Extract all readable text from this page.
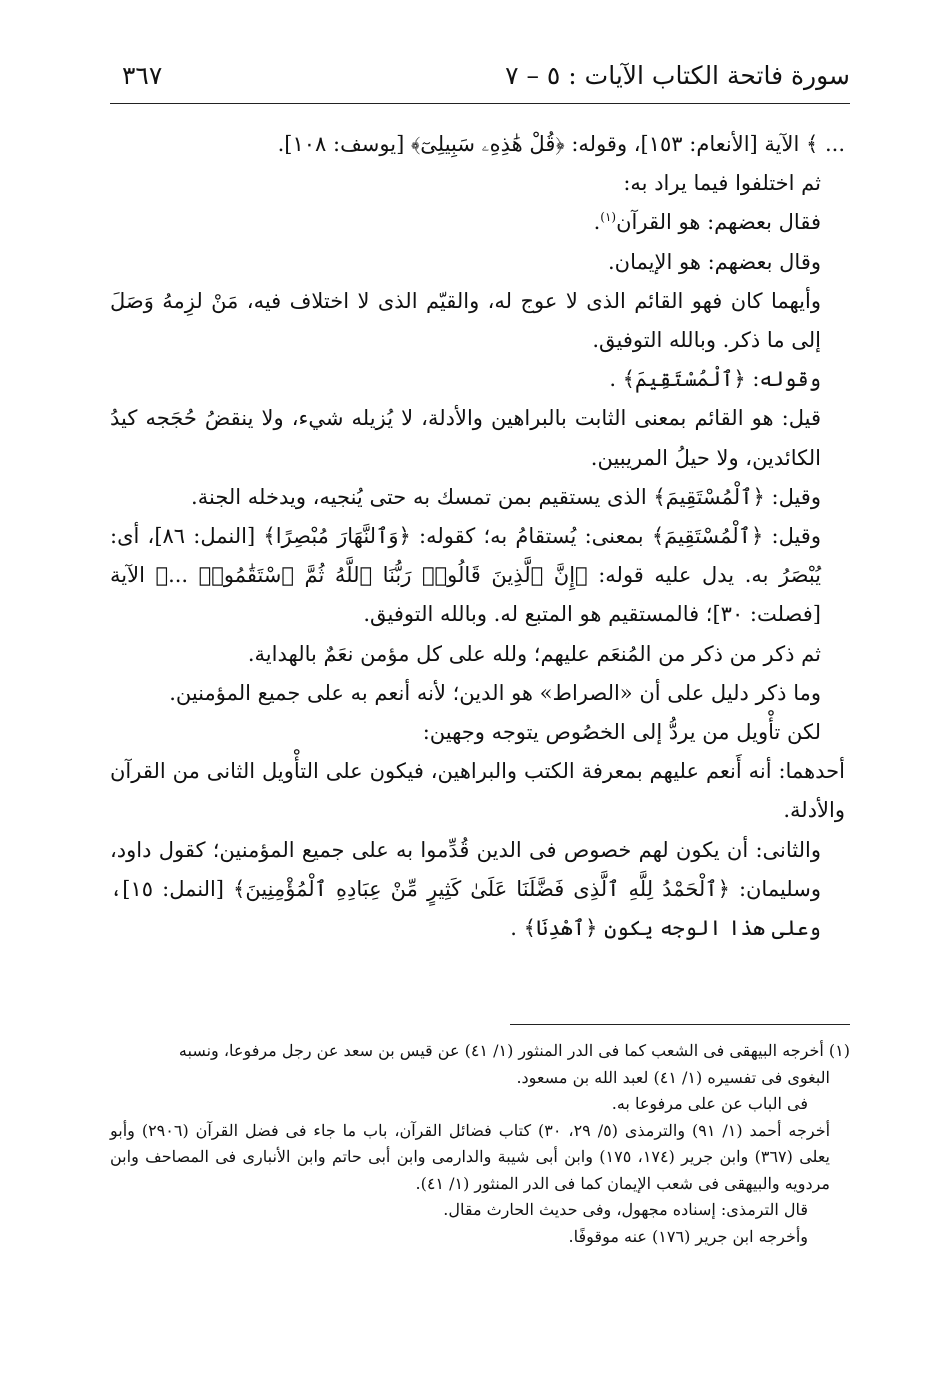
٣٦٧	سورة فاتحة الكتاب الآيات : ٥ – ٧

... ﴾ الآية [الأنعام: ١٥٣]، وقوله: ﴿قُلْ هَٰذِهِۦ سَبِيلِىٓ﴾ [يوسف: ١٠٨].

ثم اختلفوا فيما يراد به:

فقال بعضهم: هو القرآن$^{(١)}$.

وقال بعضهم: هو الإيمان.

وأيهما كان فهو القائم الذى لا عوج له، والقيّم الذى لا اختلاف فيه، مَنْ لزِمهُ وَصَلَ إلى ما ذكر. وبالله التوفيق.

وقوله: ﴿ٱلْمُسْتَقِيمَ﴾ .

قيل: هو القائم بمعنى الثابت بالبراهين والأدلة، لا يُزيله شيء، ولا ينقضُ حُجَجه كيدُ الكائدين، ولا حيلُ المريبين.

وقيل: ﴿ٱلْمُسْتَقِيمَ﴾ الذى يستقيم بمن تمسك به حتى يُنجيه، ويدخله الجنة.

وقيل: ﴿ٱلْمُسْتَقِيمَ﴾ بمعنى: يُستقامُ به؛ كقوله: ﴿وَٱلنَّهَارَ مُبْصِرًا﴾ [النمل: ٨٦]، أى: يُبْصَرُ به. يدل عليه قوله: ﴿إِنَّ ٱلَّذِينَ قَالُوا۟ رَبُّنَا ٱللَّهُ ثُمَّ ٱسْتَقَٰمُوا۟ ...﴾ الآية [فصلت: ٣٠]؛ فالمستقيم هو المتبع له. وبالله التوفيق.

ثم ذكر من ذكر من المُنعَم عليهم؛ ولله على كل مؤمن نعَمٌ بالهداية.

وما ذكر دليل على أن «الصراط» هو الدين؛ لأنه أنعم به على جميع المؤمنين.

لكن تأْويل من يردُّ إلى الخصُوص يتوجه وجهين:

أحدهما: أنه أَنعم عليهم بمعرفة الكتب والبراهين، فيكون على التأْويل الثانى من القرآن والأدلة.

والثانى: أن يكون لهم خصوص فى الدين قُدِّموا به على جميع المؤمنين؛ كقول داود، وسليمان: ﴿ٱلْحَمْدُ لِلَّهِ ٱلَّذِى فَضَّلَنَا عَلَىٰ كَثِيرٍ مِّنْ عِبَادِهِ ٱلْمُؤْمِنِينَ﴾ [النمل: ١٥]، وعلى هذا الوجه يكون ﴿ٱهْدِنَا﴾ .

(١) أخرجه البيهقى فى الشعب كما فى الدر المنثور (١/ ٤١) عن قيس بن سعد عن رجل مرفوعا، ونسبه

البغوى فى تفسيره (١/ ٤١) لعبد الله بن مسعود.

فى الباب عن على مرفوعا به.

أخرجه أحمد (١/ ٩١) والترمذى (٥/ ٢٩، ٣٠) كتاب فضائل القرآن، باب ما جاء فى فضل القرآن (٢٩٠٦) وأبو يعلى (٣٦٧) وابن جرير (١٧٤، ١٧٥) وابن أبى شيبة والدارمى وابن أبى حاتم وابن الأنبارى فى المصاحف وابن مردويه والبيهقى فى شعب الإيمان كما فى الدر المنثور (١/ ٤١).

قال الترمذى: إسناده مجهول، وفى حديث الحارث مقال.

وأخرجه ابن جرير (١٧٦) عنه موقوفًا.
